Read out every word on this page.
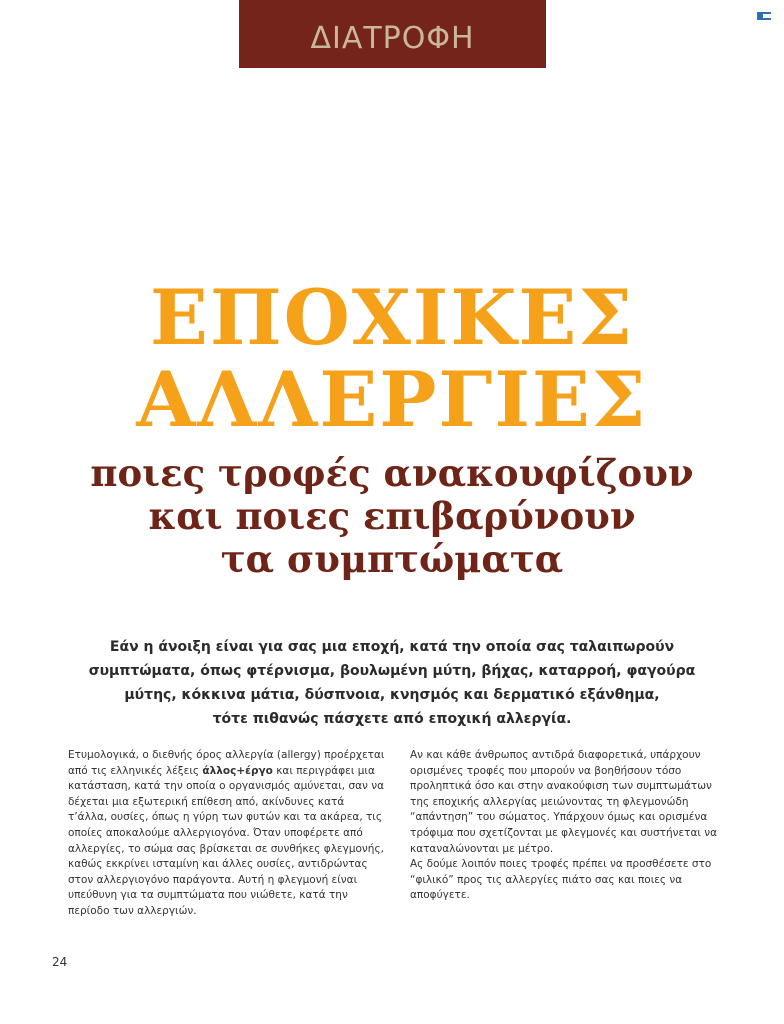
ΔΙΑΤΡΟΦΗ
ΕΠΟΧΙΚΕΣ
ΑΛΛΕΡΓΙΕΣ
ποιες τροφές ανακουφίζουν
και ποιες επιβαρύνουν
τα συμπτώματα
Εάν η άνοιξη είναι για σας μια εποχή, κατά την οποία σας ταλαιπωρούν
συμπτώματα, όπως φτέρνισμα, βουλωμένη μύτη, βήχας, καταρροή, φαγούρα
μύτης, κόκκινα μάτια, δύσπνοια, κνησμός και δερματικό εξάνθημα,
τότε πιθανώς πάσχετε από εποχική αλλεργία.

Ετυμολογικά, ο διεθνής όρος αλλεργία (allergy) προέρχεται από τις ελληνικές λέξεις άλλος+έργο και περιγράφει μια κατάσταση, κατά την οποία ο οργανισμός αμύνεται, σαν να δέχεται μια εξωτερική επίθεση από, ακίνδυνες κατά τ’άλλα, ουσίες, όπως η γύρη των φυτών και τα ακάρεα, τις οποίες αποκαλούμε αλλεργιογόνα. Όταν υποφέρετε από αλλεργίες, το σώμα σας βρίσκεται σε συνθήκες φλεγμονής, καθώς εκκρίνει ισταμίνη και άλλες ουσίες, αντιδρώντας στον αλλεργιογόνο παράγοντα. Αυτή η φλεγμονή είναι υπεύθυνη για τα συμπτώματα που νιώθετε, κατά την περίοδο των αλλεργιών.

Αν και κάθε άνθρωπος αντιδρά διαφορετικά, υπάρχουν ορισμένες τροφές που μπορούν να βοηθήσουν τόσο προληπτικά όσο και στην ανακούφιση των συμπτωμάτων της εποχικής αλλεργίας μειώνοντας τη φλεγμονώδη “απάντηση” του σώματος. Υπάρχουν όμως και ορισμένα τρόφιμα που σχετίζονται με φλεγμονές και συστήνεται να καταναλώνονται με μέτρο.

Ας δούμε λοιπόν ποιες τροφές πρέπει να προσθέσετε στο “φιλικό” προς τις αλλεργίες πιάτο σας και ποιες να αποφύγετε.

24
